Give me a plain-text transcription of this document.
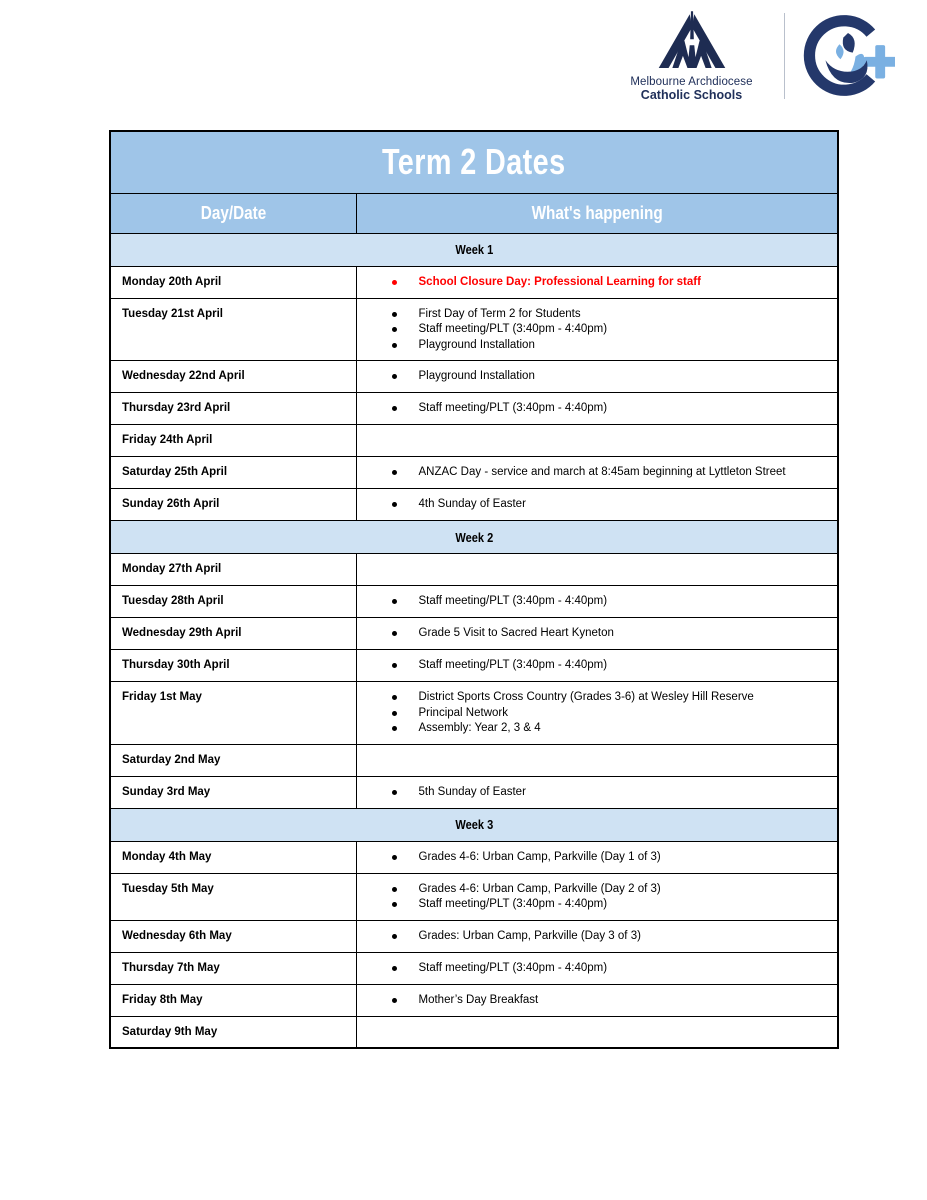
Melbourne Archdiocese
Catholic Schools
Term 2 Dates	
Day/Date	What's happening
Week 1	
Monday 20th April	School Closure Day: Professional Learning for staff

Tuesday 21st April	First Day of Term 2 for Students
Staff meeting/PLT (3:40pm - 4:40pm)
Playground Installation

Wednesday 22nd April	Playground Installation

Thursday 23rd April	Staff meeting/PLT (3:40pm - 4:40pm)

Friday 24th April	
Saturday 25th April	ANZAC Day - service and march at 8:45am beginning at Lyttleton Street

Sunday 26th April	4th Sunday of Easter

Week 2	
Monday 27th April	
Tuesday 28th April	Staff meeting/PLT (3:40pm - 4:40pm)

Wednesday 29th April	Grade 5 Visit to Sacred Heart Kyneton

Thursday 30th April	Staff meeting/PLT (3:40pm - 4:40pm)

Friday 1st May	District Sports Cross Country (Grades 3-6) at Wesley Hill Reserve
Principal Network
Assembly: Year 2, 3 & 4

Saturday 2nd May	
Sunday 3rd May	5th Sunday of Easter

Week 3	
Monday 4th May	Grades 4-6: Urban Camp, Parkville (Day 1 of 3)

Tuesday 5th May	Grades 4-6: Urban Camp, Parkville (Day 2 of 3)
Staff meeting/PLT (3:40pm - 4:40pm)

Wednesday 6th May	Grades: Urban Camp, Parkville (Day 3 of 3)

Thursday 7th May	Staff meeting/PLT (3:40pm - 4:40pm)

Friday 8th May	Mother’s Day Breakfast

Saturday 9th May	
